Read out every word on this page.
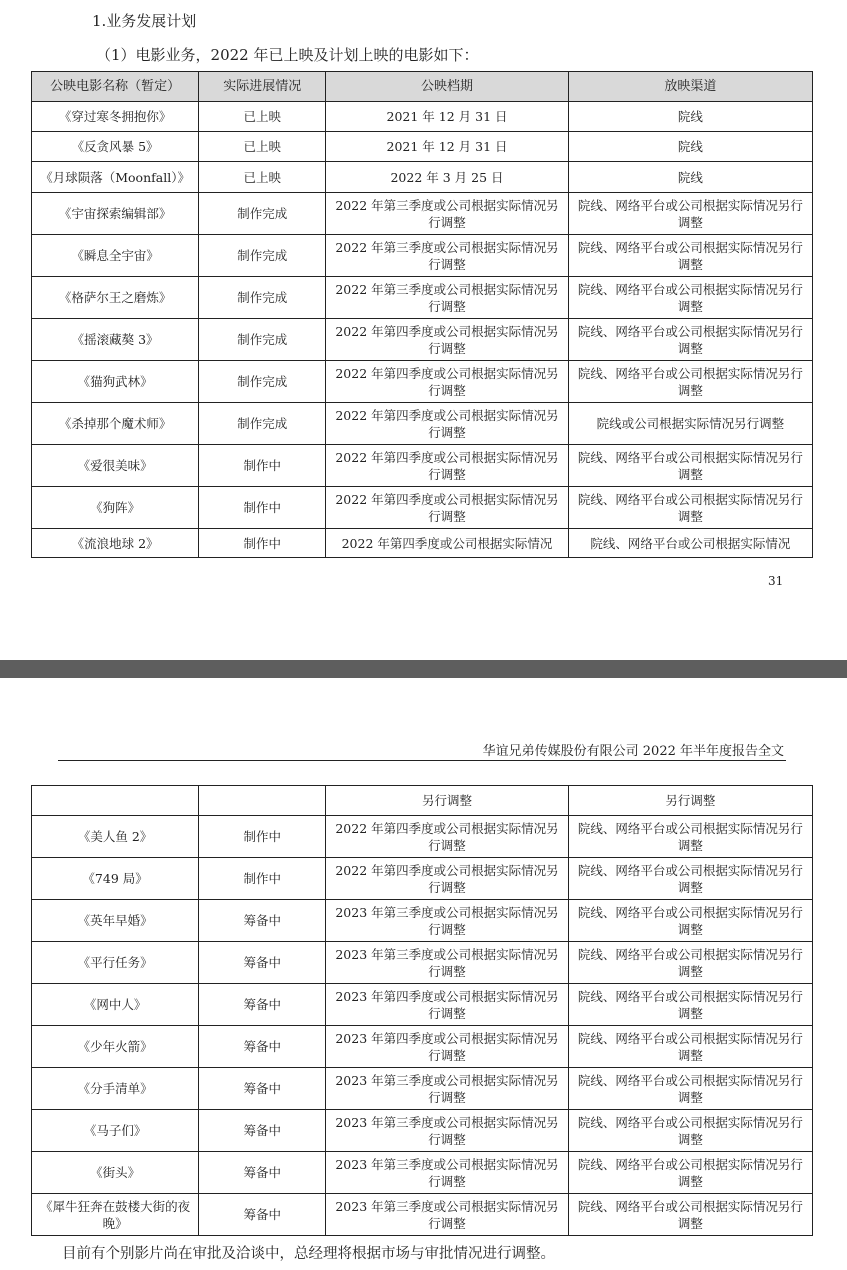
1.业务发展计划
（1）电影业务，2022 年已上映及计划上映的电影如下：
公映电影名称（暂定）	实际进展情况	公映档期	放映渠道
《穿过寒冬拥抱你》	已上映	2021 年 12 月 31 日	院线
《反贪风暴 5》	已上映	2021 年 12 月 31 日	院线
《月球陨落（Moonfall）》	已上映	2022 年 3 月 25 日	院线
《宇宙探索编辑部》	制作完成	2022 年第三季度或公司根据实际情况另行调整	院线、网络平台或公司根据实际情况另行调整
《瞬息全宇宙》	制作完成	2022 年第三季度或公司根据实际情况另行调整	院线、网络平台或公司根据实际情况另行调整
《格萨尔王之磨炼》	制作完成	2022 年第三季度或公司根据实际情况另行调整	院线、网络平台或公司根据实际情况另行调整
《摇滚藏獒 3》	制作完成	2022 年第四季度或公司根据实际情况另行调整	院线、网络平台或公司根据实际情况另行调整
《猫狗武林》	制作完成	2022 年第四季度或公司根据实际情况另行调整	院线、网络平台或公司根据实际情况另行调整
《杀掉那个魔术师》	制作完成	2022 年第四季度或公司根据实际情况另行调整	院线或公司根据实际情况另行调整
《爱很美味》	制作中	2022 年第四季度或公司根据实际情况另行调整	院线、网络平台或公司根据实际情况另行调整
《狗阵》	制作中	2022 年第四季度或公司根据实际情况另行调整	院线、网络平台或公司根据实际情况另行调整
《流浪地球 2》	制作中	2022 年第四季度或公司根据实际情况	院线、网络平台或公司根据实际情况
31
华谊兄弟传媒股份有限公司 2022 年半年度报告全文
		另行调整	另行调整
《美人鱼 2》	制作中	2022 年第四季度或公司根据实际情况另行调整	院线、网络平台或公司根据实际情况另行调整
《749 局》	制作中	2022 年第四季度或公司根据实际情况另行调整	院线、网络平台或公司根据实际情况另行调整
《英年早婚》	筹备中	2023 年第三季度或公司根据实际情况另行调整	院线、网络平台或公司根据实际情况另行调整
《平行任务》	筹备中	2023 年第三季度或公司根据实际情况另行调整	院线、网络平台或公司根据实际情况另行调整
《网中人》	筹备中	2023 年第四季度或公司根据实际情况另行调整	院线、网络平台或公司根据实际情况另行调整
《少年火箭》	筹备中	2023 年第四季度或公司根据实际情况另行调整	院线、网络平台或公司根据实际情况另行调整
《分手清单》	筹备中	2023 年第三季度或公司根据实际情况另行调整	院线、网络平台或公司根据实际情况另行调整
《马子们》	筹备中	2023 年第三季度或公司根据实际情况另行调整	院线、网络平台或公司根据实际情况另行调整
《街头》	筹备中	2023 年第三季度或公司根据实际情况另行调整	院线、网络平台或公司根据实际情况另行调整
《犀牛狂奔在鼓楼大街的夜晚》	筹备中	2023 年第三季度或公司根据实际情况另行调整	院线、网络平台或公司根据实际情况另行调整
目前有个别影片尚在审批及洽谈中，总经理将根据市场与审批情况进行调整。
